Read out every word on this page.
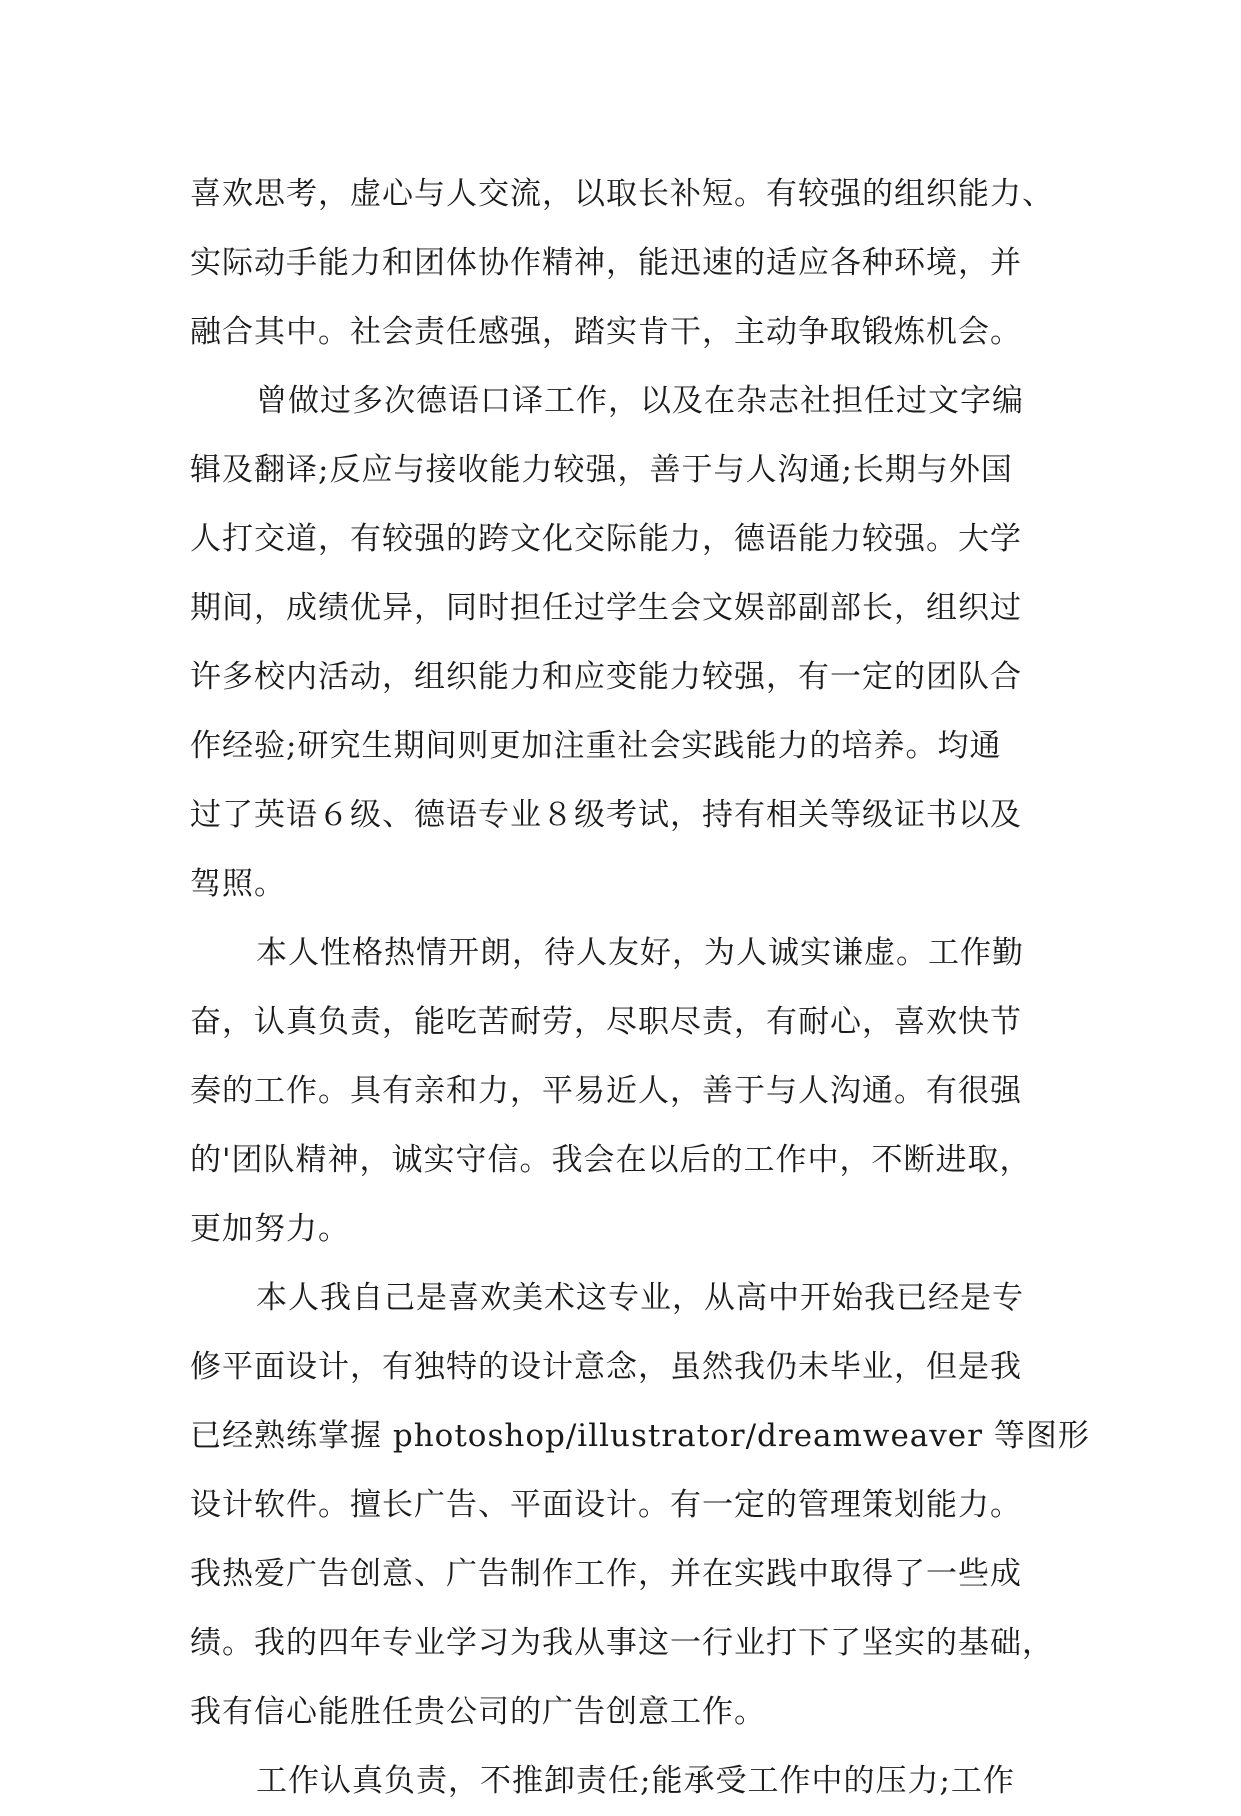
喜欢思考，虚心与人交流，以取长补短。有较强的组织能力、
实际动手能力和团体协作精神，能迅速的适应各种环境，并
融合其中。社会责任感强，踏实肯干，主动争取锻炼机会。
曾做过多次德语口译工作，以及在杂志社担任过文字编
辑及翻译;反应与接收能力较强，善于与人沟通;长期与外国
人打交道，有较强的跨文化交际能力，德语能力较强。大学
期间，成绩优异，同时担任过学生会文娱部副部长，组织过
许多校内活动，组织能力和应变能力较强，有一定的团队合
作经验;研究生期间则更加注重社会实践能力的培养。均通
过了英语６级、德语专业８级考试，持有相关等级证书以及
驾照。
本人性格热情开朗，待人友好，为人诚实谦虚。工作勤
奋，认真负责，能吃苦耐劳，尽职尽责，有耐心，喜欢快节
奏的工作。具有亲和力，平易近人，善于与人沟通。有很强
的'团队精神，诚实守信。我会在以后的工作中，不断进取，
更加努力。
本人我自己是喜欢美术这专业，从高中开始我已经是专
修平面设计，有独特的设计意念，虽然我仍未毕业，但是我
已经熟练掌握 photoshop/illustrator/dreamweaver 等图形
设计软件。擅长广告、平面设计。有一定的管理策划能力。
我热爱广告创意、广告制作工作，并在实践中取得了一些成
绩。我的四年专业学习为我从事这一行业打下了坚实的基础，
我有信心能胜任贵公司的广告创意工作。
工作认真负责，不推卸责任;能承受工作中的压力;工作
